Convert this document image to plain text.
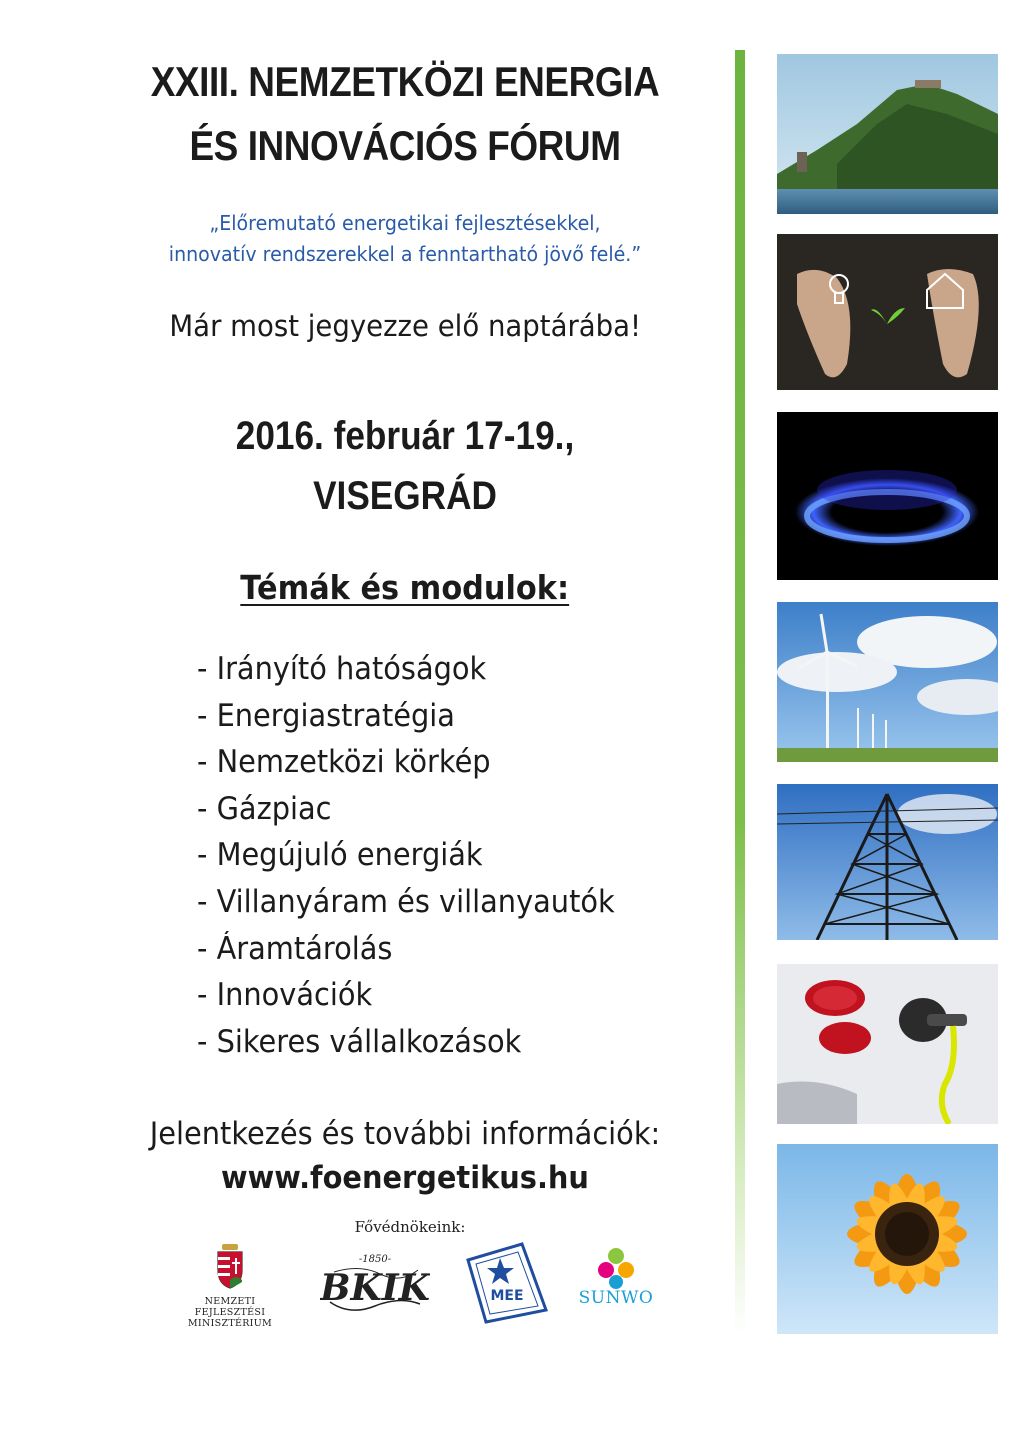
XXIII. NEMZETKÖZI ENERGIA
ÉS INNOVÁCIÓS FÓRUM
„Előremutató energetikai fejlesztésekkel,
innovatív rendszerekkel a fenntartható jövő felé.”
Már most jegyezze elő naptárába!
2016. február 17-19.,
VISEGRÁD
Témák és modulok:
- Irányító hatóságok
- Energiastratégia
- Nemzetközi körkép
- Gázpiac
- Megújuló energiák
- Villanyáram és villanyautók
- Áramtárolás
- Innovációk
- Sikeres vállalkozások
Jelentkezés és további információk:
www.foenergetikus.hu
Fővédnökeink:
NEMZETI FEJLESZTÉSI
MINISZTÉRIUM
-1850-
BKIK	MEE	SUNWO
